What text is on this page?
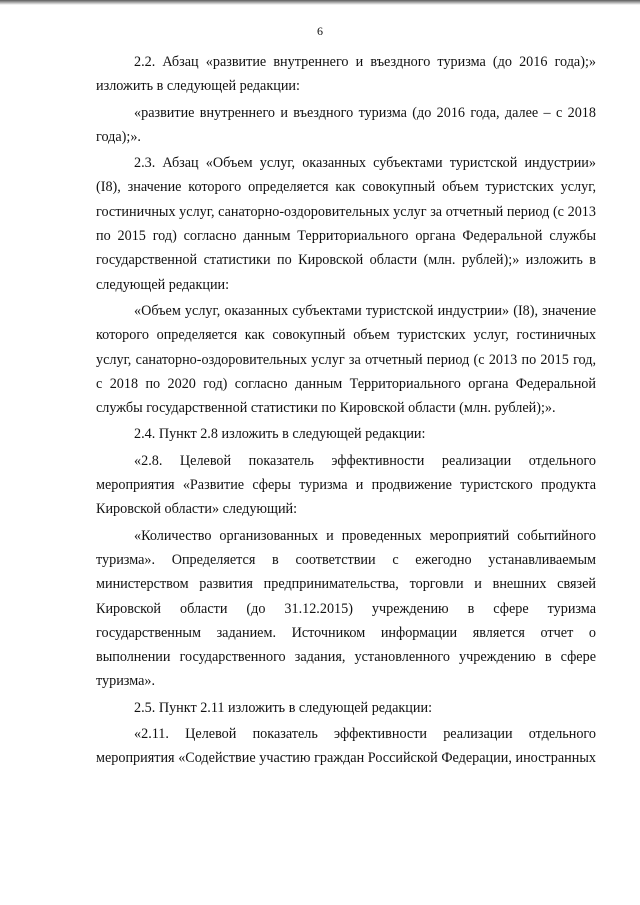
6

2.2. Абзац «развитие внутреннего и въездного туризма (до 2016 года);» изложить в следующей редакции:

«развитие внутреннего и въездного туризма (до 2016 года, далее – с 2018 года);».

2.3. Абзац «Объем услуг, оказанных субъектами туристской индустрии» (I8), значение которого определяется как совокупный объем туристских услуг, гостиничных услуг, санаторно-оздоровительных услуг за отчетный период (с 2013 по 2015 год) согласно данным Территориального органа Федеральной службы государственной статистики по Кировской области (млн. рублей);» изложить в следующей редакции:

«Объем услуг, оказанных субъектами туристской индустрии» (I8), значение которого определяется как совокупный объем туристских услуг, гостиничных услуг, санаторно-оздоровительных услуг за отчетный период (с 2013 по 2015 год, с 2018 по 2020 год) согласно данным Территориального органа Федеральной службы государственной статистики по Кировской области (млн. рублей);».

2.4. Пункт 2.8 изложить в следующей редакции:

«2.8. Целевой показатель эффективности реализации отдельного мероприятия «Развитие сферы туризма и продвижение туристского продукта Кировской области» следующий:

«Количество организованных и проведенных мероприятий событийного туризма». Определяется в соответствии с ежегодно устанавливаемым министерством развития предпринимательства, торговли и внешних связей Кировской области (до 31.12.2015) учреждению в сфере туризма государственным заданием. Источником информации является отчет о выполнении государственного задания, установленного учреждению в сфере туризма».

2.5. Пункт 2.11 изложить в следующей редакции:

«2.11. Целевой показатель эффективности реализации отдельного мероприятия «Содействие участию граждан Российской Федерации, иностранных
